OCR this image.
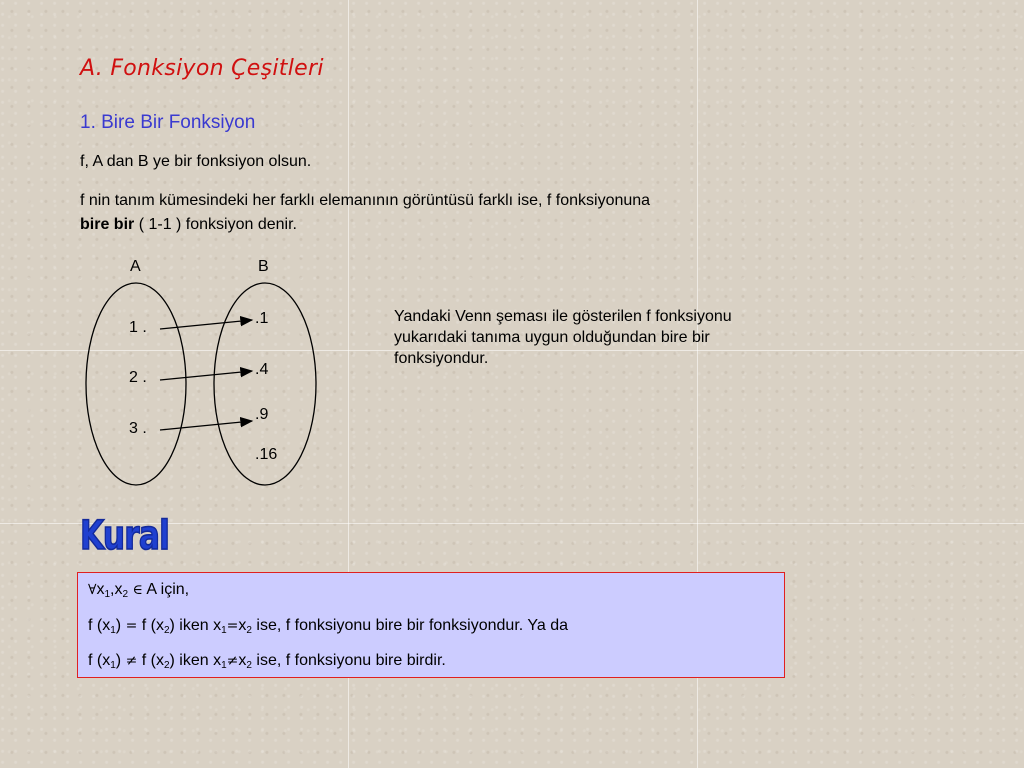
A. Fonksiyon Çeşitleri
1. Bire Bir Fonksiyon
f, A dan B ye bir fonksiyon olsun.
f nin tanım kümesindeki her farklı elemanının görüntüsü farklı ise, f fonksiyonuna
bire bir ( 1-1 ) fonksiyon denir.
A	B
1 .
2 .
3 .
.1
.4
.9
.16
Yandaki Venn şeması ile gösterilen f fonksiyonu yukarıdaki tanıma uygun olduğundan bire bir fonksiyondur.
Kural
$\forall x_1,x_2$ ∈ A için,
f $(x_1) = f$ $(x_2)$ iken $x_1=x_2$ ise, f fonksiyonu bire bir fonksiyondur. Ya da
f $(x_1) \ne f$ $(x_2)$ iken $x_1\ne x_2$ ise, f fonksiyonu bire birdir.
